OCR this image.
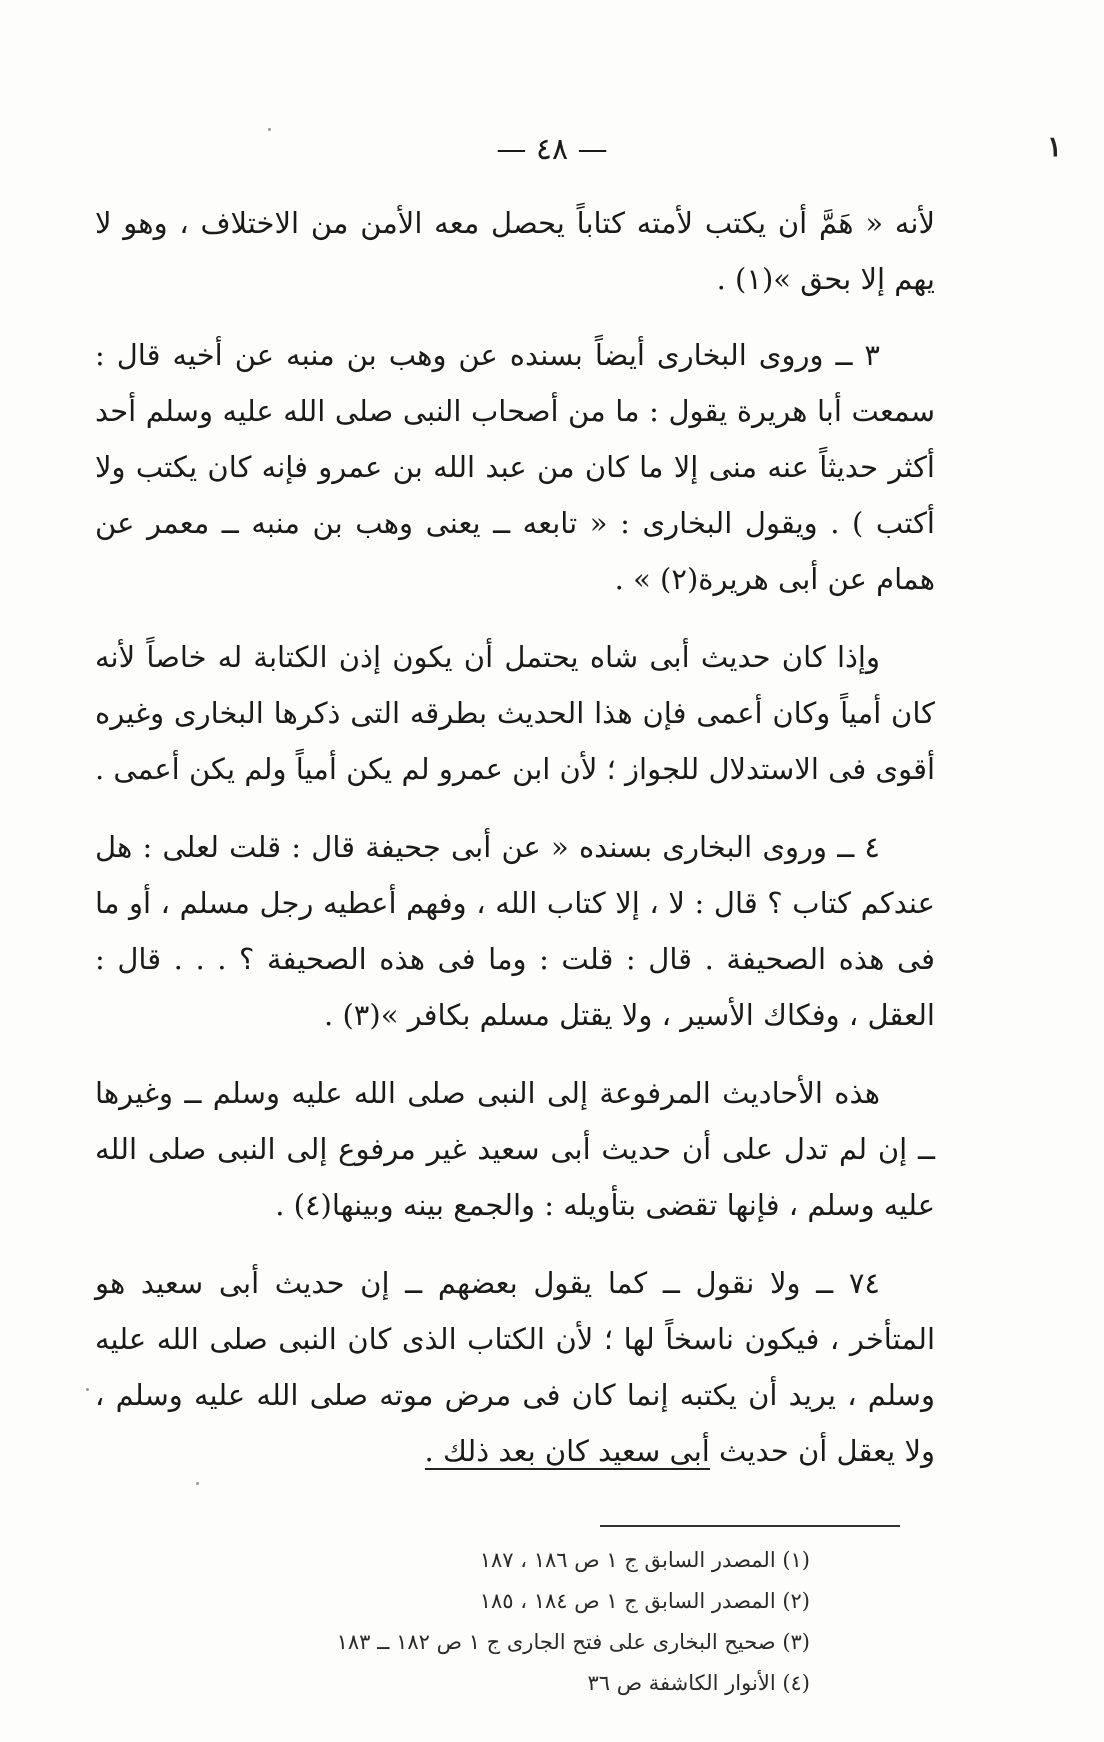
١
— ٤٨ —

لأنه « هَمَّ أن يكتب لأمته كتاباً يحصل معه الأمن من الاختلاف ، وهو لا يهم إلا بحق »(١) .

٣ ــ وروى البخارى أيضاً بسنده عن وهب بن منبه عن أخيه قال : سمعت أبا هريرة يقول : ما من أصحاب النبى صلى الله عليه وسلم أحد أكثر حديثاً عنه منى إلا ما كان من عبد الله بن عمرو فإنه كان يكتب ولا أكتب ) . ويقول البخارى : « تابعه ــ يعنى وهب بن منبه ــ معمر عن همام عن أبى هريرة(٢) » .

وإذا كان حديث أبى شاه يحتمل أن يكون إذن الكتابة له خاصاً لأنه كان أمياً وكان أعمى فإن هذا الحديث بطرقه التى ذكرها البخارى وغيره أقوى فى الاستدلال للجواز ؛ لأن ابن عمرو لم يكن أمياً ولم يكن أعمى .

٤ ــ وروى البخارى بسنده « عن أبى جحيفة قال : قلت لعلى : هل عندكم كتاب ؟ قال : لا ، إلا كتاب الله ، وفهم أعطيه رجل مسلم ، أو ما فى هذه الصحيفة . قال : قلت : وما فى هذه الصحيفة ؟ . . . قال : العقل ، وفكاك الأسير ، ولا يقتل مسلم بكافر »(٣) .

هذه الأحاديث المرفوعة إلى النبى صلى الله عليه وسلم ــ وغيرها ــ إن لم تدل على أن حديث أبى سعيد غير مرفوع إلى النبى صلى الله عليه وسلم ، فإنها تقضى بتأويله : والجمع بينه وبينها(٤) .

٧٤ ــ ولا نقول ــ كما يقول بعضهم ــ إن حديث أبى سعيد هو المتأخر ، فيكون ناسخاً لها ؛ لأن الكتاب الذى كان النبى صلى الله عليه وسلم ، يريد أن يكتبه إنما كان فى مرض موته صلى الله عليه وسلم ، ولا يعقل أن حديث أبى سعيد كان بعد ذلك .

(١) المصدر السابق ج ١ ص ١٨٦ ، ١٨٧

(٢) المصدر السابق ج ١ ص ١٨٤ ، ١٨٥

(٣) صحيح البخارى على فتح الجارى ج ١ ص ١٨٢ ــ ١٨٣

(٤) الأنوار الكاشفة ص ٣٦
